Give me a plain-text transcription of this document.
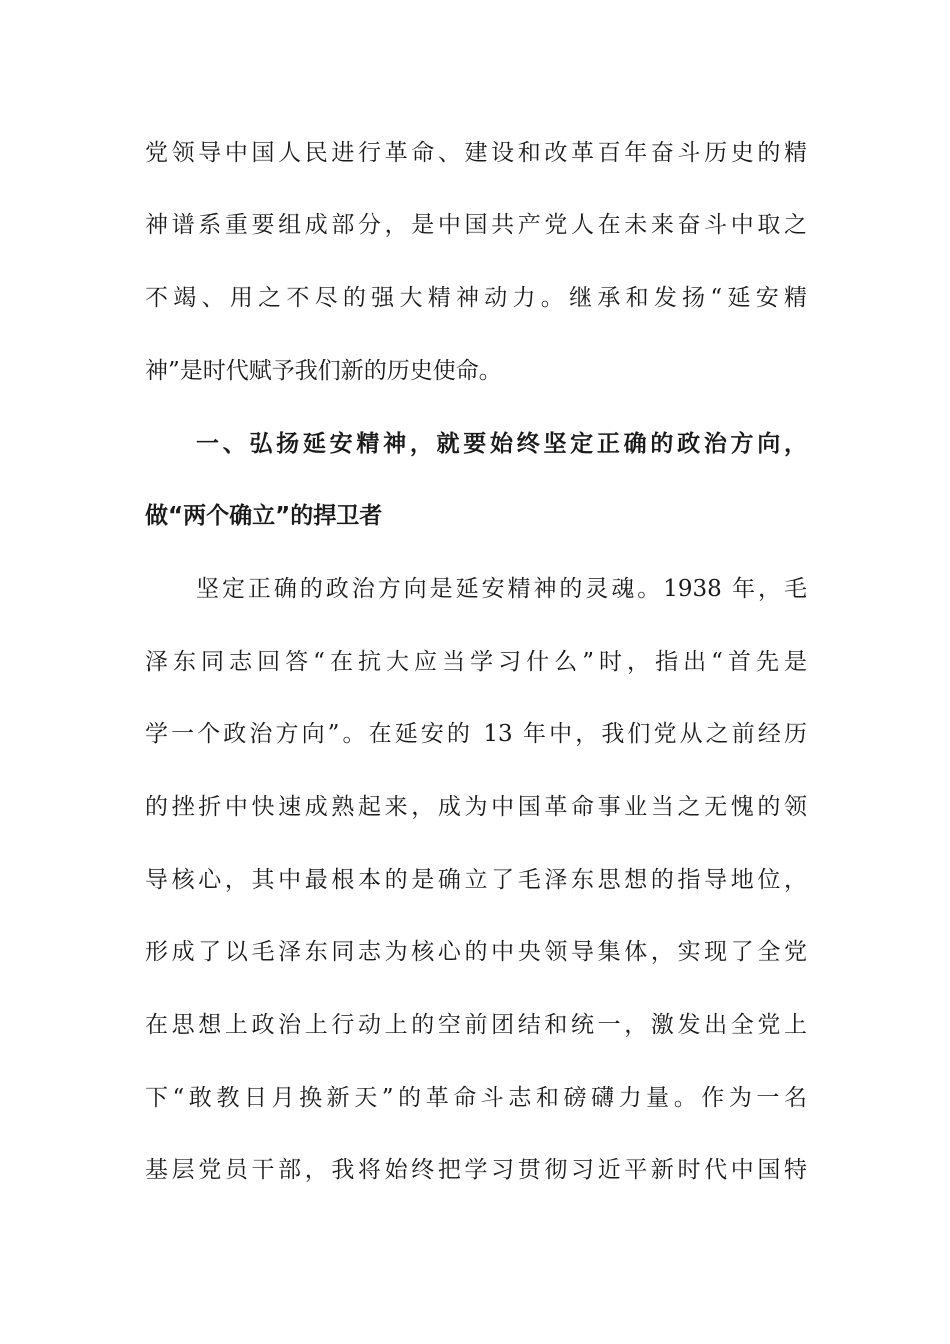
党领导中国人民进行革命、建设和改革百年奋斗历史的精
神谱系重要组成部分，是中国共产党人在未来奋斗中取之
不竭、用之不尽的强大精神动力。继承和发扬“延安精
神”是时代赋予我们新的历史使命。
一、弘扬延安精神，就要始终坚定正确的政治方向，
做“两个确立”的捍卫者
坚定正确的政治方向是延安精神的灵魂。1938 年，毛
泽东同志回答“在抗大应当学习什么”时，指出“首先是
学一个政治方向”。在延安的 13 年中，我们党从之前经历
的挫折中快速成熟起来，成为中国革命事业当之无愧的领
导核心，其中最根本的是确立了毛泽东思想的指导地位，
形成了以毛泽东同志为核心的中央领导集体，实现了全党
在思想上政治上行动上的空前团结和统一，激发出全党上
下“敢教日月换新天”的革命斗志和磅礴力量。作为一名
基层党员干部，我将始终把学习贯彻习近平新时代中国特
